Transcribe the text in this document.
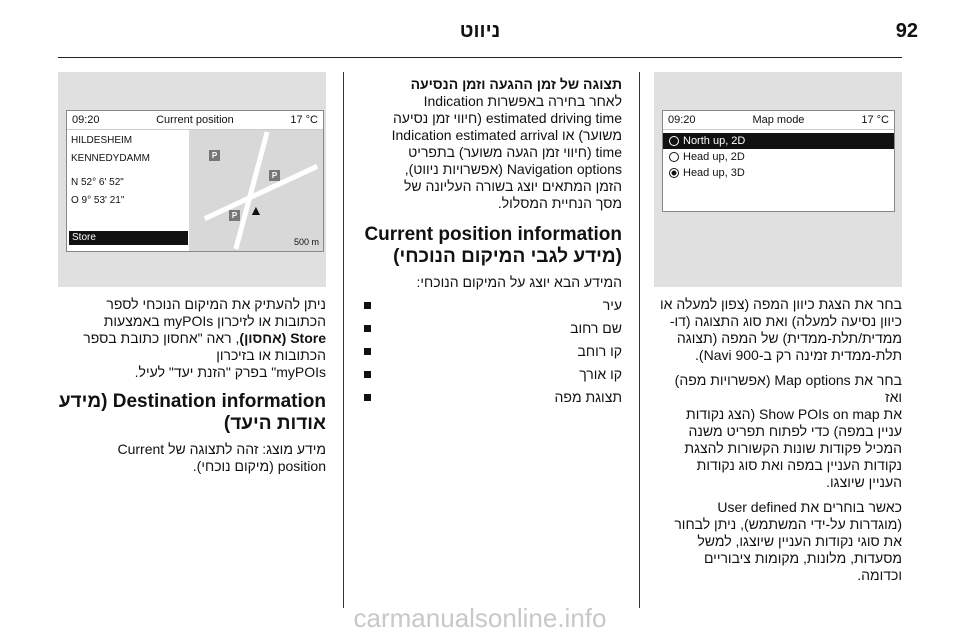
ניווט	92
09:20	Current position	17 °C
P
P
P ▲
500 m
HILDESHEIM
KENNEDYDAMM
N 52° 6' 52"
O 9° 53' 21"
Store

ניתן להעתיק את המיקום הנוכחי לספר

הכתובות או לזיכרון myPOIs באמצעות

Store (אחסון), ראה "אחסון כתובת בספר

הכתובות או בזיכרון

myPOIs" בפרק "הזנת יעד" לעיל.

Destination information (מידע
אודות היעד)

מידע מוצג: זהה לתצוגה של Current

position (מיקום נוכחי).

תצוגה של זמן ההגעה וזמן הנסיעה

לאחר בחירה באפשרות Indication

estimated driving time (חיווי זמן נסיעה

משוער) או Indication estimated arrival

time (חיווי זמן הגעה משוער) בתפריט

Navigation options (אפשרויות ניווט),

הזמן המתאים יוצג בשורה העליונה של

מסך הנחיית המסלול.

Current position information
(מידע לגבי המיקום הנוכחי)

המידע הבא יוצג על המיקום הנוכחי:

עיר
שם רחוב
קו רוחב
קו אורך
תצוגת מפה
09:20	Map mode	17 °C
North up, 2D
Head up, 2D
Head up, 3D

בחר את הצגת כיוון המפה (צפון למעלה או

כיוון נסיעה למעלה) ואת סוג התצוגה (דו-

ממדית/תלת-ממדית) של המפה (תצוגה

תלת-ממדית זמינה רק ב-Navi 900).

בחר את Map options (אפשרויות מפה) ואז

את Show POIs on map (הצג נקודות

עניין במפה) כדי לפתוח תפריט משנה

המכיל פקודות שונות הקשורות להצגת

נקודות העניין במפה ואת סוג נקודות

העניין שיוצגו.

כאשר בוחרים את User defined

(מוגדרות על-ידי המשתמש), ניתן לבחור

את סוגי נקודות העניין שיוצגו, למשל

מסעדות, מלונות, מקומות ציבוריים

וכדומה.

carmanualsonline.info
